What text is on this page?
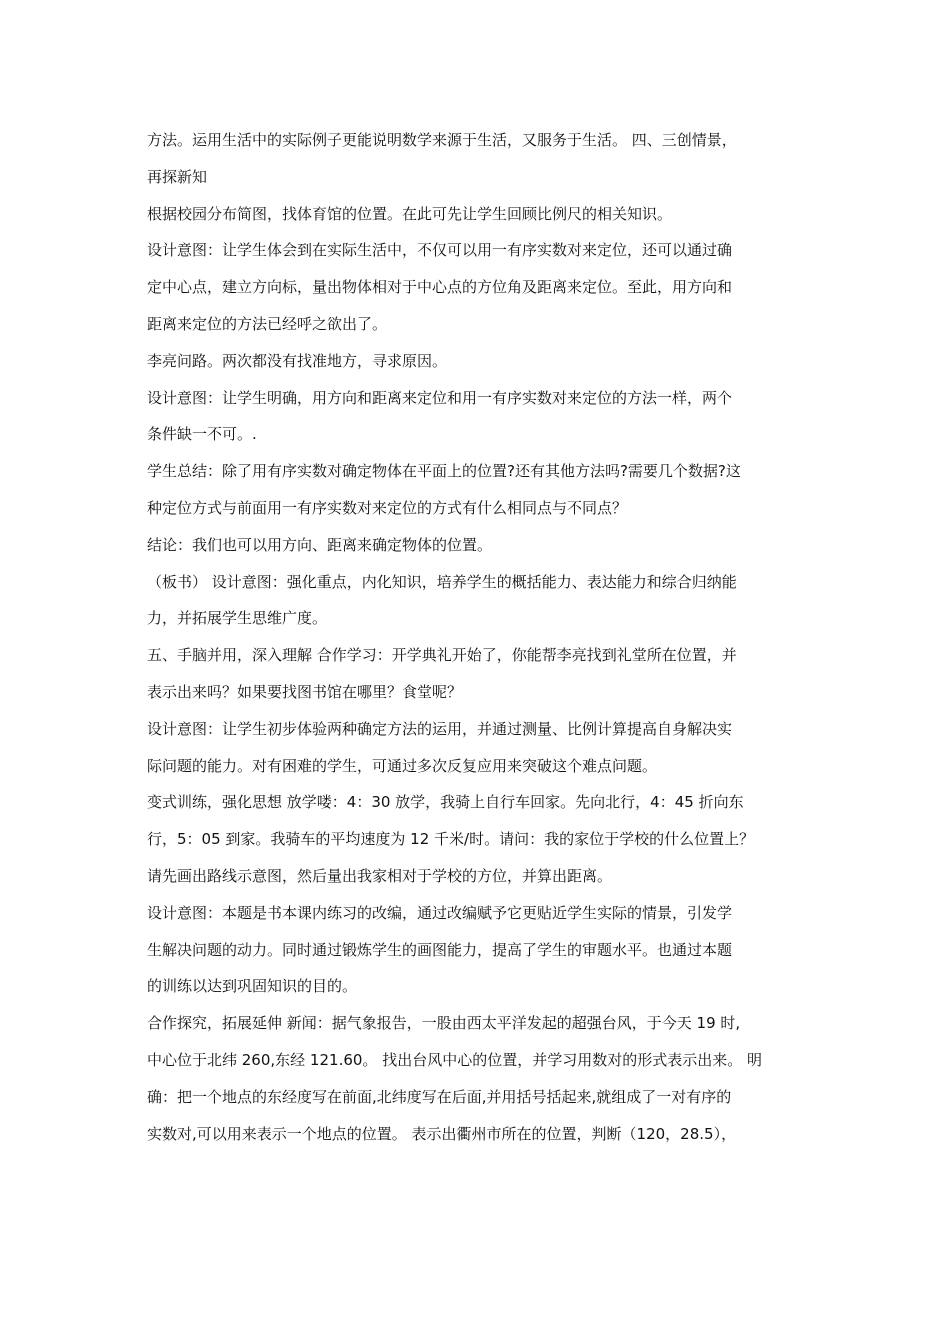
方法。运用生活中的实际例子更能说明数学来源于生活，又服务于生活。 四、三创情景，
再探新知
根据校园分布简图，找体育馆的位置。在此可先让学生回顾比例尺的相关知识。
设计意图：让学生体会到在实际生活中，不仅可以用一有序实数对来定位，还可以通过确
定中心点，建立方向标，量出物体相对于中心点的方位角及距离来定位。至此，用方向和
距离来定位的方法已经呼之欲出了。
李亮问路。两次都没有找准地方，寻求原因。
设计意图：让学生明确，用方向和距离来定位和用一有序实数对来定位的方法一样，两个
条件缺一不可。.
学生总结：除了用有序实数对确定物体在平面上的位置?还有其他方法吗?需要几个数据?这
种定位方式与前面用一有序实数对来定位的方式有什么相同点与不同点？
结论：我们也可以用方向、距离来确定物体的位置。
（板书） 设计意图：强化重点，内化知识，培养学生的概括能力、表达能力和综合归纳能
力，并拓展学生思维广度。
五、手脑并用，深入理解 合作学习：开学典礼开始了，你能帮李亮找到礼堂所在位置，并
表示出来吗？如果要找图书馆在哪里？食堂呢？
设计意图：让学生初步体验两种确定方法的运用，并通过测量、比例计算提高自身解决实
际问题的能力。对有困难的学生，可通过多次反复应用来突破这个难点问题。
变式训练，强化思想 放学喽：4：30 放学，我骑上自行车回家。先向北行，4：45 折向东
行，5：05 到家。我骑车的平均速度为 12 千米/时。请问：我的家位于学校的什么位置上？
请先画出路线示意图，然后量出我家相对于学校的方位，并算出距离。
设计意图：本题是书本课内练习的改编，通过改编赋予它更贴近学生实际的情景，引发学
生解决问题的动力。同时通过锻炼学生的画图能力，提高了学生的审题水平。也通过本题
的训练以达到巩固知识的目的。
合作探究，拓展延伸 新闻：据气象报告，一股由西太平洋发起的超强台风，于今天 19 时,
中心位于北纬 260,东经 121.60。 找出台风中心的位置，并学习用数对的形式表示出来。 明
确：把一个地点的东经度写在前面,北纬度写在后面,并用括号括起来,就组成了一对有序的
实数对,可以用来表示一个地点的位置。 表示出衢州市所在的位置，判断（120，28.5），
